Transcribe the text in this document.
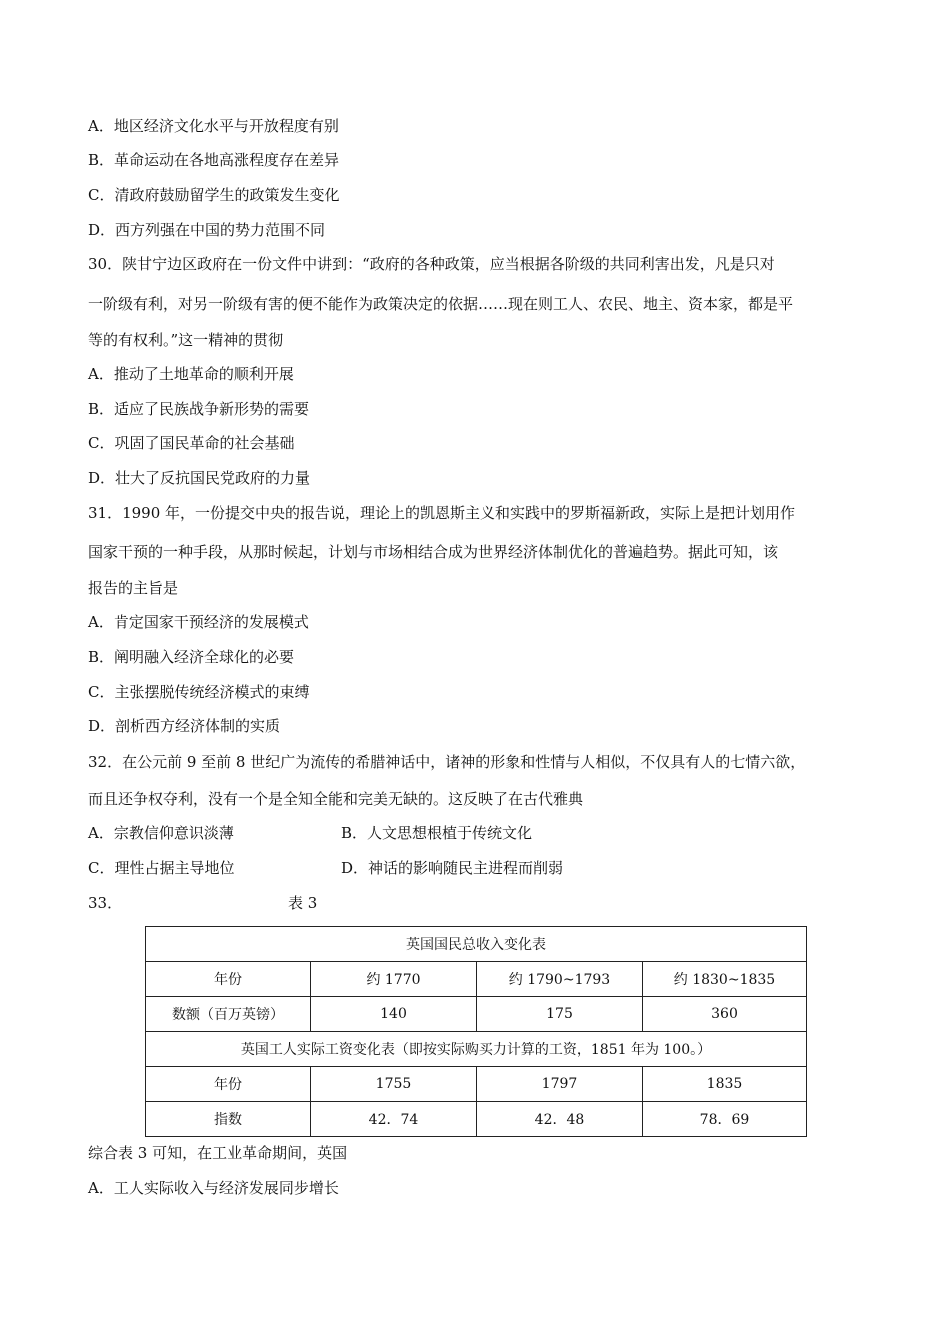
A．地区经济文化水平与开放程度有别
B．革命运动在各地高涨程度存在差异
C．清政府鼓励留学生的政策发生变化
D．西方列强在中国的势力范围不同
30．陕甘宁边区政府在一份文件中讲到：“政府的各种政策，应当根据各阶级的共同利害出发，凡是只对
一阶级有利，对另一阶级有害的便不能作为政策决定的依据……现在则工人、农民、地主、资本家，都是平
等的有权利。”这一精神的贯彻
A．推动了土地革命的顺利开展
B．适应了民族战争新形势的需要
C．巩固了国民革命的社会基础
D．壮大了反抗国民党政府的力量
31．1990 年，一份提交中央的报告说，理论上的凯恩斯主义和实践中的罗斯福新政，实际上是把计划用作
国家干预的一种手段，从那时候起，计划与市场相结合成为世界经济体制优化的普遍趋势。据此可知，该
报告的主旨是
A．肯定国家干预经济的发展模式
B．阐明融入经济全球化的必要
C．主张摆脱传统经济模式的束缚
D．剖析西方经济体制的实质
32．在公元前 9 至前 8 世纪广为流传的希腊神话中，诸神的形象和性情与人相似，不仅具有人的七情六欲，
而且还争权夺利，没有一个是全知全能和完美无缺的。这反映了在古代雅典
A．宗教信仰意识淡薄	B．人文思想根植于传统文化
C．理性占据主导地位	D．神话的影响随民主进程而削弱
33．	表 3
英国国民总收入变化表			
年份	约 1770	约 1790~1793	约 1830~1835
数额（百万英镑）	140	175	360
英国工人实际工资变化表（即按实际购买力计算的工资，1851 年为 100。）			
年份	1755	1797	1835
指数	42．74	42．48	78．69
综合表 3 可知，在工业革命期间，英国
A．工人实际收入与经济发展同步增长
